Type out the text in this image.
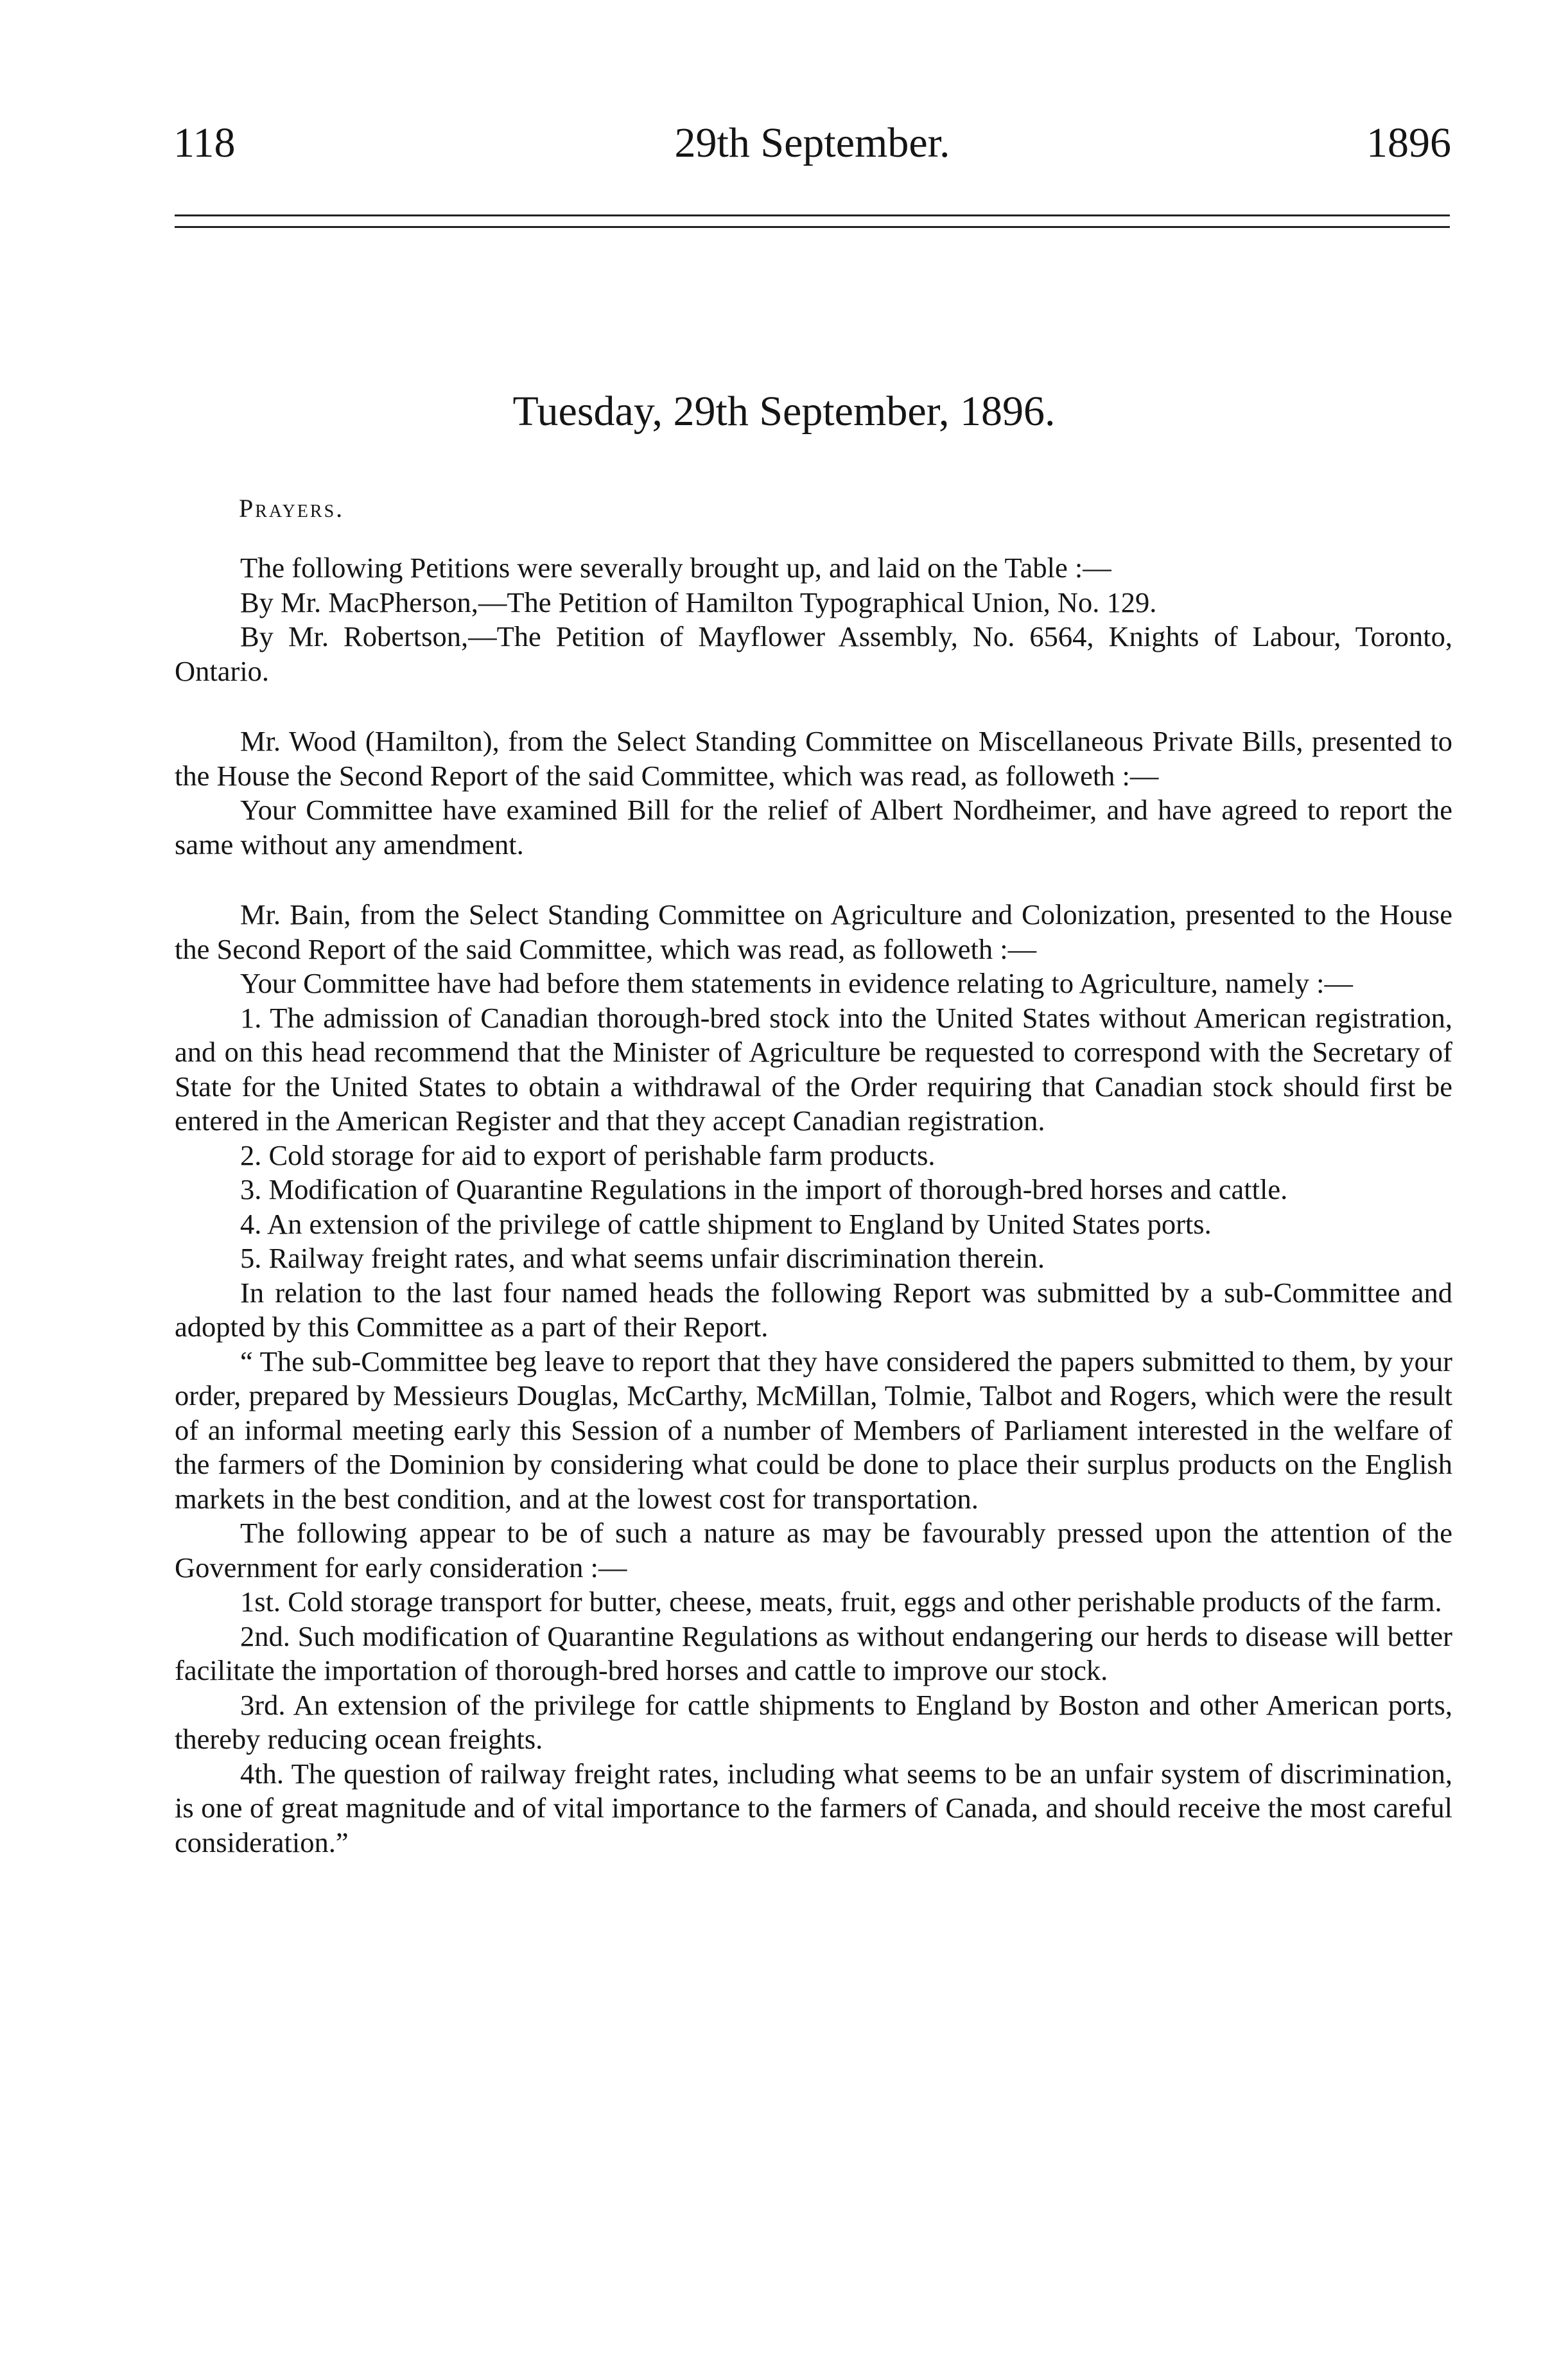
118	29th September.	1896
Tuesday, 29th September, 1896.
Prayers.

The following Petitions were severally brought up, and laid on the Table :—

By Mr. MacPherson,—The Petition of Hamilton Typographical Union, No. 129.

By Mr. Robertson,—The Petition of Mayflower Assembly, No. 6564, Knights of Labour, Toronto, Ontario.

Mr. Wood (Hamilton), from the Select Standing Committee on Miscellaneous Private Bills, presented to the House the Second Report of the said Committee, which was read, as followeth :—

Your Committee have examined Bill for the relief of Albert Nordheimer, and have agreed to report the same without any amendment.

Mr. Bain, from the Select Standing Committee on Agriculture and Colonization, presented to the House the Second Report of the said Committee, which was read, as followeth :—

Your Committee have had before them statements in evidence relating to Agriculture, namely :—

1. The admission of Canadian thorough-bred stock into the United States without American registration, and on this head recommend that the Minister of Agriculture be requested to correspond with the Secretary of State for the United States to obtain a withdrawal of the Order requiring that Canadian stock should first be entered in the American Register and that they accept Canadian registration.

2. Cold storage for aid to export of perishable farm products.

3. Modification of Quarantine Regulations in the import of thorough-bred horses and cattle.

4. An extension of the privilege of cattle shipment to England by United States ports.

5. Railway freight rates, and what seems unfair discrimination therein.

In relation to the last four named heads the following Report was submitted by a sub-Committee and adopted by this Committee as a part of their Report.

“ The sub-Committee beg leave to report that they have considered the papers submitted to them, by your order, prepared by Messieurs Douglas, McCarthy, McMillan, Tolmie, Talbot and Rogers, which were the result of an informal meeting early this Session of a number of Members of Parliament interested in the welfare of the farmers of the Dominion by considering what could be done to place their surplus products on the English markets in the best condition, and at the lowest cost for transportation.

The following appear to be of such a nature as may be favourably pressed upon the attention of the Government for early consideration :—

1st. Cold storage transport for butter, cheese, meats, fruit, eggs and other perishable products of the farm.

2nd. Such modification of Quarantine Regulations as without endangering our herds to disease will better facilitate the importation of thorough-bred horses and cattle to improve our stock.

3rd. An extension of the privilege for cattle shipments to England by Boston and other American ports, thereby reducing ocean freights.

4th. The question of railway freight rates, including what seems to be an unfair system of discrimination, is one of great magnitude and of vital importance to the farmers of Canada, and should receive the most careful consideration.”
